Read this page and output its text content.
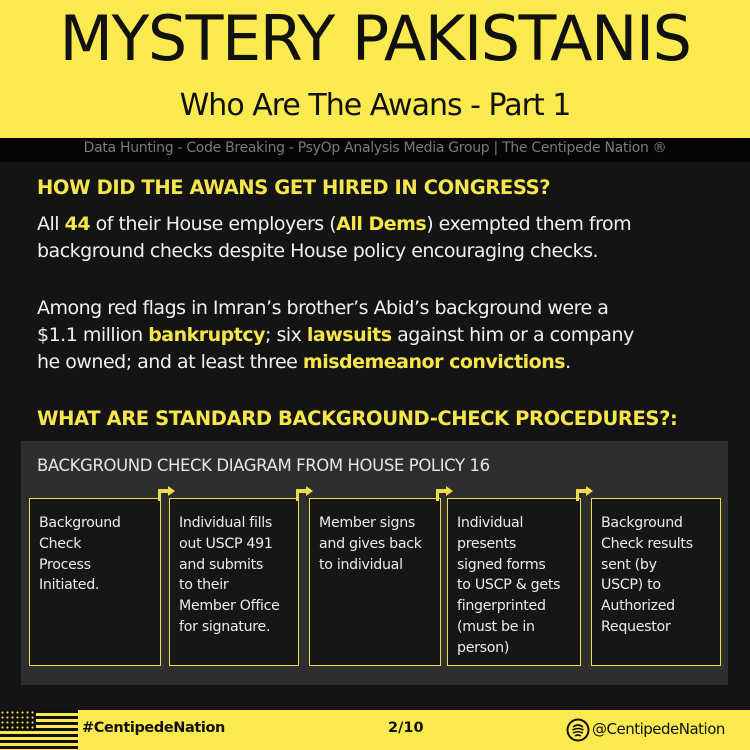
MYSTERY PAKISTANIS
Who Are The Awans - Part 1
Data Hunting - Code Breaking - PsyOp Analysis Media Group | The Centipede Nation ®
HOW DID THE AWANS GET HIRED IN CONGRESS?
All 44 of their House employers (All Dems) exempted them from
background checks despite House policy encouraging checks.
Among red flags in Imran’s brother’s Abid’s background were a
$1.1 million bankruptcy; six lawsuits against him or a company
he owned; and at least three misdemeanor convictions.
WHAT ARE STANDARD BACKGROUND-CHECK PROCEDURES?:
BACKGROUND CHECK DIAGRAM FROM HOUSE POLICY 16
Background
Check
Process
Initiated.
Individual fills
out USCP 491
and submits
to their
Member Office
for signature.
Member signs
and gives back
to individual
Individual
presents
signed forms
to USCP & gets
fingerprinted
(must be in
person)
Background
Check results
sent (by
USCP) to
Authorized
Requestor
#CentipedeNation	2/10	@CentipedeNation
